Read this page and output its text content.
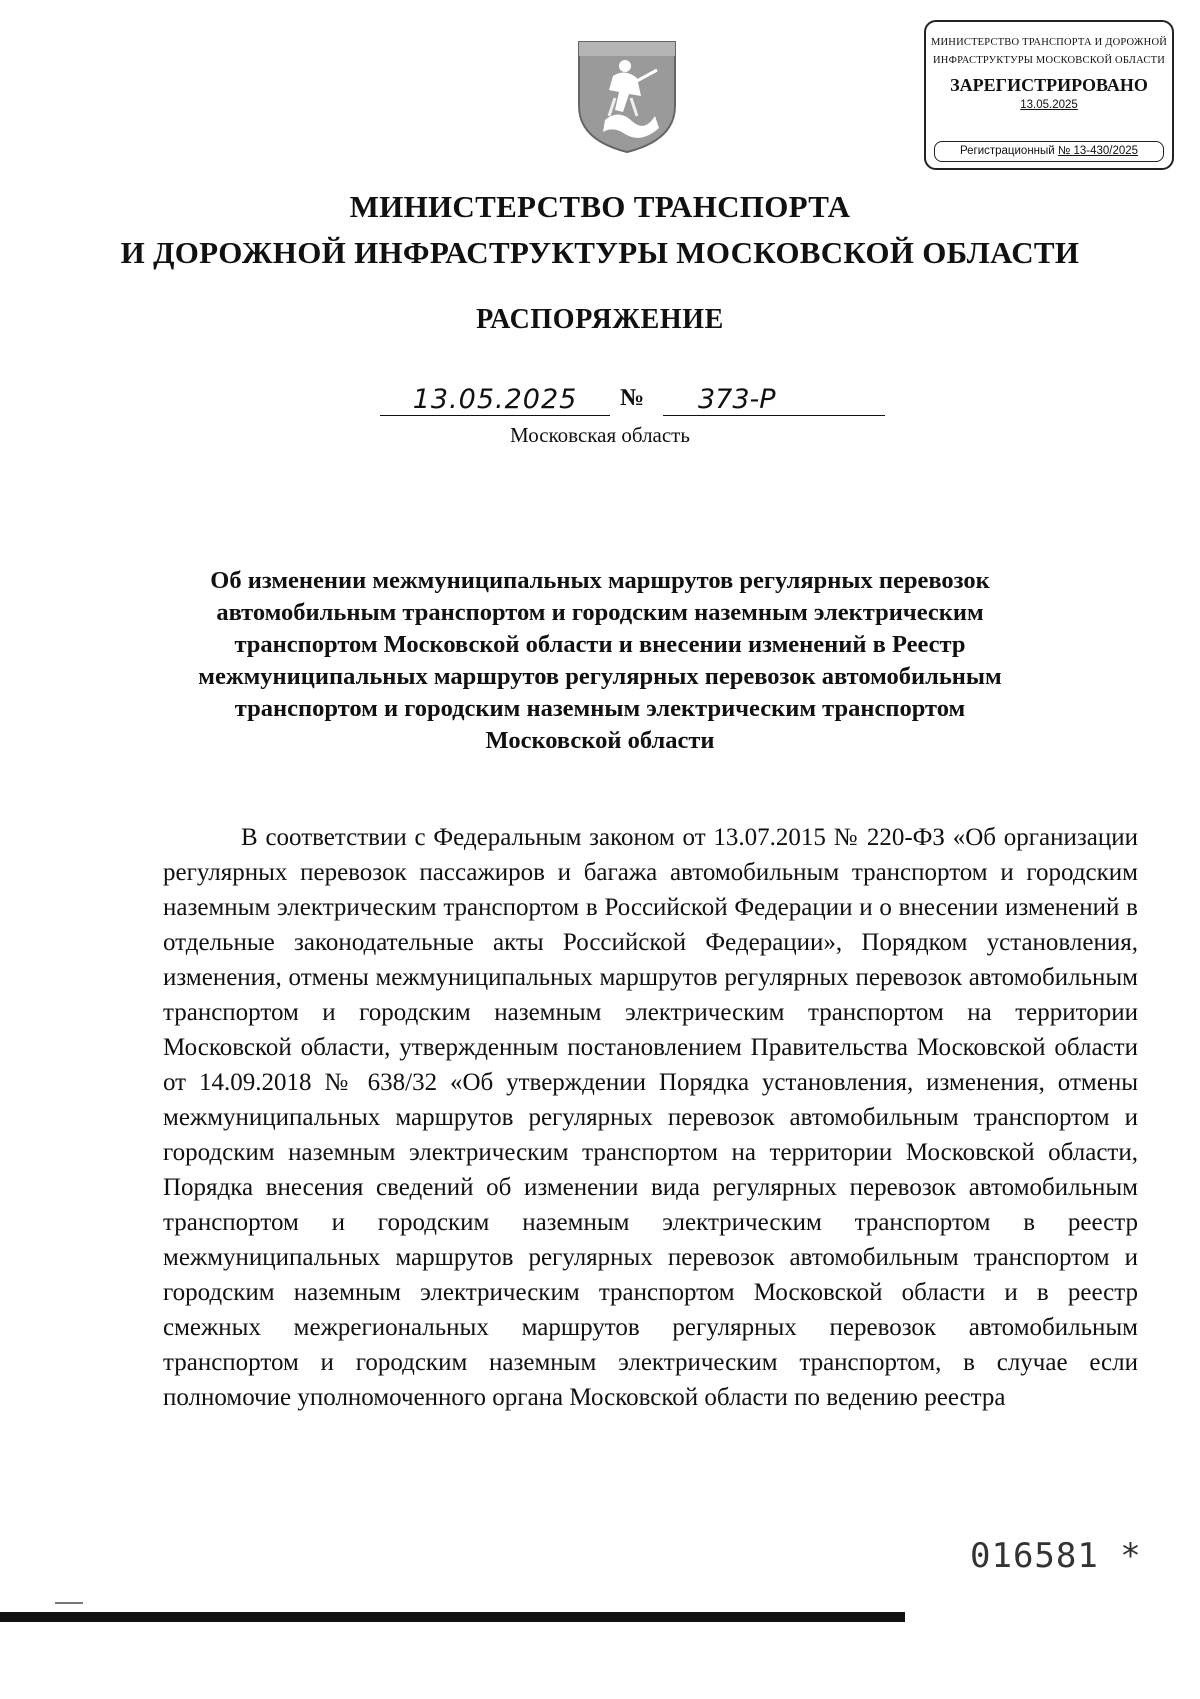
МИНИСТЕРСТВО ТРАНСПОРТА И ДОРОЖНОЙ ИНФРАСТРУКТУРЫ МОСКОВСКОЙ ОБЛАСТИ
ЗАРЕГИСТРИРОВАНО
13.05.2025
Регистрационный № 13-430/2025
МИНИСТЕРСТВО ТРАНСПОРТА
И ДОРОЖНОЙ ИНФРАСТРУКТУРЫ МОСКОВСКОЙ ОБЛАСТИ
РАСПОРЯЖЕНИЕ
13.05.2025	№	373-Р
Московская область
Об изменении межмуниципальных маршрутов регулярных перевозок
автомобильным транспортом и городским наземным электрическим
транспортом Московской области и внесении изменений в Реестр
межмуниципальных маршрутов регулярных перевозок автомобильным
транспортом и городским наземным электрическим транспортом
Московской области
В соответствии с Федеральным законом от 13.07.2015 № 220-ФЗ «Об организации регулярных перевозок пассажиров и багажа автомобильным транспортом и городским наземным электрическим транспортом в Российской Федерации и о внесении изменений в отдельные законодательные акты Российской Федерации», Порядком установления, изменения, отмены межмуниципальных маршрутов регулярных перевозок автомобильным транспортом и городским наземным электрическим транспортом на территории Московской области, утвержденным постановлением Правительства Московской области от 14.09.2018 № 638/32 «Об утверждении Порядка установления, изменения, отмены межмуниципальных маршрутов регулярных перевозок автомобильным транспортом и городским наземным электрическим транспортом на территории Московской области, Порядка внесения сведений об изменении вида регулярных перевозок автомобильным транспортом и городским наземным электрическим транспортом в реестр межмуниципальных маршрутов регулярных перевозок автомобильным транспортом и городским наземным электрическим транспортом Московской области и в реестр смежных межрегиональных маршрутов регулярных перевозок автомобильным транспортом и городским наземным электрическим транспортом, в случае если полномочие уполномоченного органа Московской области по ведению реестра
016581 *
